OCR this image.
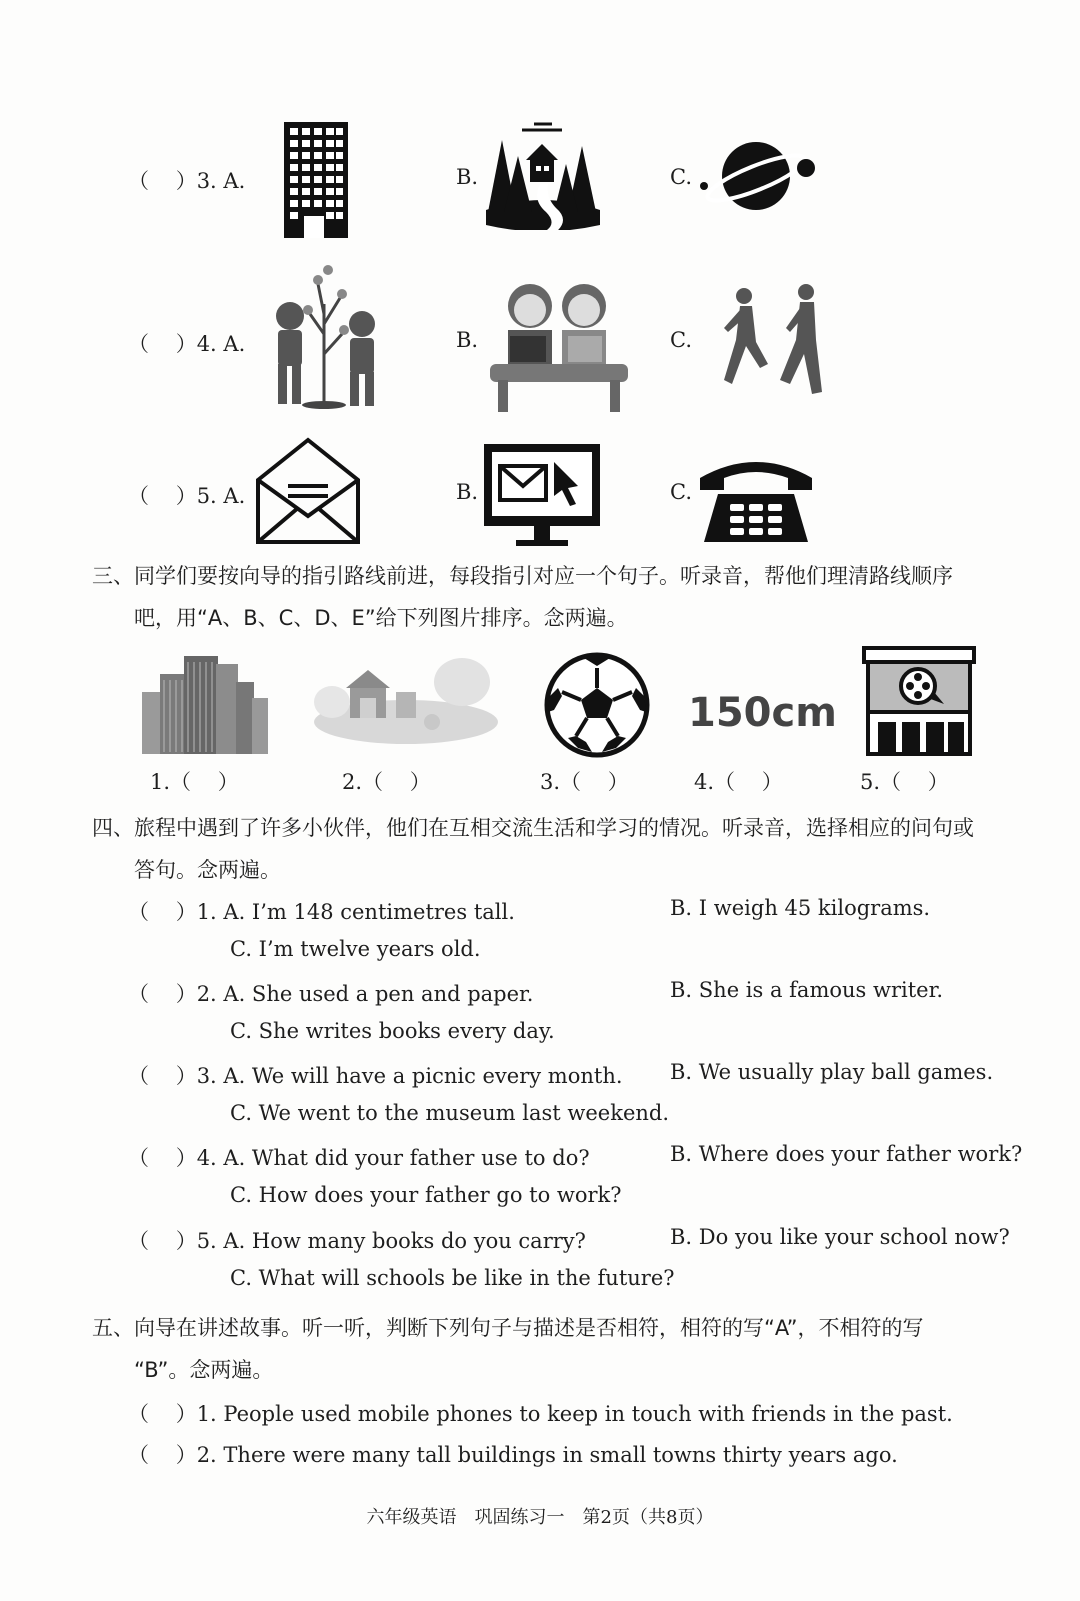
（    ）3. A.	B.	C.
（    ）4. A.	B.	C.
（    ）5. A.	B.	C.
三、同学们要按向导的指引路线前进，每段指引对应一个句子。听录音，帮他们理清路线顺序
吧，用“A、B、C、D、E”给下列图片排序。念两遍。
150cm
1.（    ）	2.（    ）	3.（    ）	4.（    ）	5.（    ）
四、旅程中遇到了许多小伙伴，他们在互相交流生活和学习的情况。听录音，选择相应的问句或
答句。念两遍。
（    ）1. A. I’m 148 centimetres tall.	B. I weigh 45 kilograms.
C. I’m twelve years old.
（    ）2. A. She used a pen and paper.	B. She is a famous writer.
C. She writes books every day.
（    ）3. A. We will have a picnic every month. B. We usually play ball games.
C. We went to the museum last weekend.
（    ）4. A. What did your father use to do?	B. Where does your father work?
C. How does your father go to work?
（    ）5. A. How many books do you carry?	B. Do you like your school now?
C. What will schools be like in the future?
五、向导在讲述故事。听一听，判断下列句子与描述是否相符，相符的写“A”，不相符的写
“B”。念两遍。
（    ）1. People used mobile phones to keep in touch with friends in the past.
（    ）2. There were many tall buildings in small towns thirty years ago.
六年级英语　巩固练习一　第2页（共8页）
